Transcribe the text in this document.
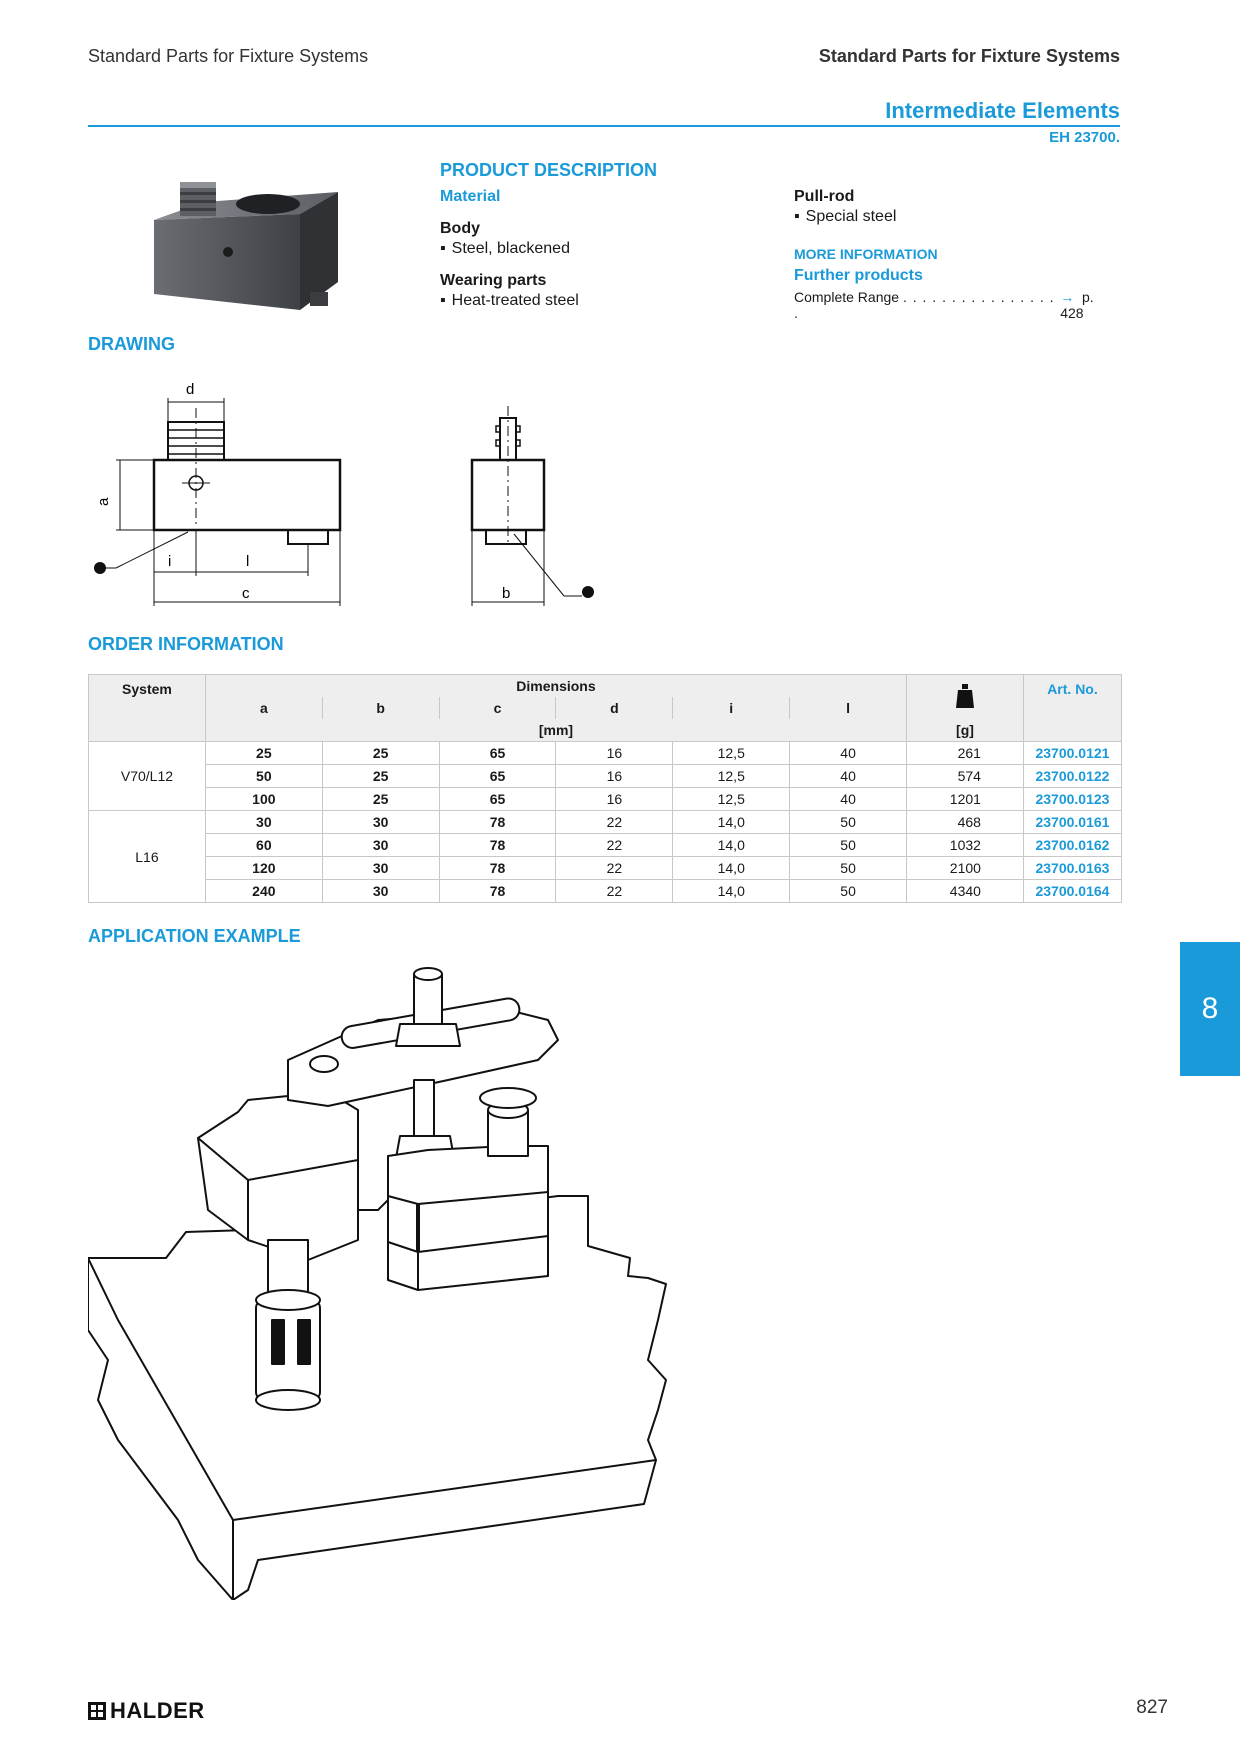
Standard Parts for Fixture Systems	Standard Parts for Fixture Systems
Intermediate Elements
EH 23700.
PRODUCT DESCRIPTION
Material
Body
▪ Steel, blackened
Wearing parts
▪ Heat-treated steel
Pull-rod
▪ Special steel
MORE INFORMATION
Further products
Complete Range . . . . . . . . . . . . . . . . .
→ p. 428
DRAWING
d
a
i	l
c	b
ORDER INFORMATION
System	Dimensions							Art. No.
	a	b	c	d	i	l		
	[mm]						[g]	
V70/L12	25	25	65	16	12,5	40	261	23700.0121
	50	25	65	16	12,5	40	574	23700.0122
	100	25	65	16	12,5	40	1201	23700.0123
L16	30	30	78	22	14,0	50	468	23700.0161
	60	30	78	22	14,0	50	1032	23700.0162
	120	30	78	22	14,0	50	2100	23700.0163
	240	30	78	22	14,0	50	4340	23700.0164
APPLICATION EXAMPLE
8
HALDER	827
